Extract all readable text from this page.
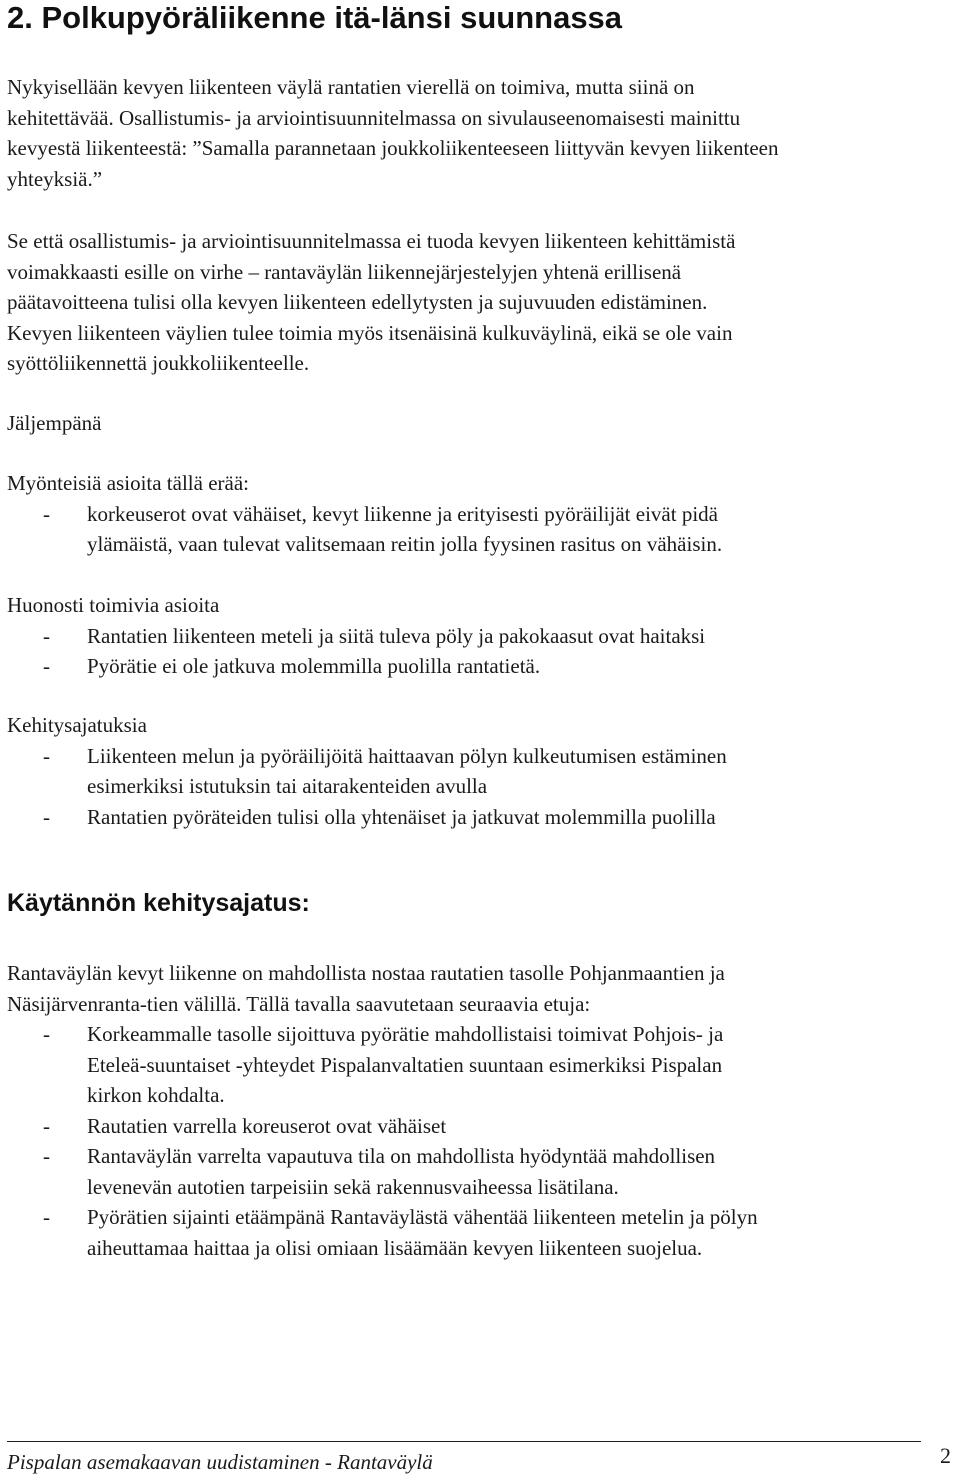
2. Polkupyöräliikenne itä-länsi suunnassa
Nykyisellään kevyen liikenteen väylä rantatien vierellä on toimiva, mutta siinä on
kehitettävää. Osallistumis- ja arviointisuunnitelmassa on sivulauseenomaisesti mainittu
kevyestä liikenteestä: ”Samalla parannetaan joukkoliikenteeseen liittyvän kevyen liikenteen
yhteyksiä.”
Se että osallistumis- ja arviointisuunnitelmassa ei tuoda kevyen liikenteen kehittämistä
voimakkaasti esille on virhe – rantaväylän liikennejärjestelyjen yhtenä erillisenä
päätavoitteena tulisi olla kevyen liikenteen edellytysten ja sujuvuuden edistäminen.
Kevyen liikenteen väylien tulee toimia myös itsenäisinä kulkuväylinä, eikä se ole vain
syöttöliikennettä joukkoliikenteelle.
Jäljempänä
Myönteisiä asioita tällä erää:
- korkeuserot ovat vähäiset, kevyt liikenne ja erityisesti pyöräilijät eivät pidä
ylämäistä, vaan tulevat valitsemaan reitin jolla fyysinen rasitus on vähäisin.
Huonosti toimivia asioita
- Rantatien liikenteen meteli ja siitä tuleva pöly ja pakokaasut ovat haitaksi
- Pyörätie ei ole jatkuva molemmilla puolilla rantatietä.
Kehitysajatuksia
- Liikenteen melun ja pyöräilijöitä haittaavan pölyn kulkeutumisen estäminen
esimerkiksi istutuksin tai aitarakenteiden avulla
- Rantatien pyöräteiden tulisi olla yhtenäiset ja jatkuvat molemmilla puolilla
Käytännön kehitysajatus:
Rantaväylän kevyt liikenne on mahdollista nostaa rautatien tasolle Pohjanmaantien ja
Näsijärvenranta-tien välillä. Tällä tavalla saavutetaan seuraavia etuja:
- Korkeammalle tasolle sijoittuva pyörätie mahdollistaisi toimivat Pohjois- ja
Eteleä-suuntaiset -yhteydet Pispalanvaltatien suuntaan esimerkiksi Pispalan
kirkon kohdalta.
- Rautatien varrella koreuserot ovat vähäiset
- Rantaväylän varrelta vapautuva tila on mahdollista hyödyntää mahdollisen
levenevän autotien tarpeisiin sekä rakennusvaiheessa lisätilana.
- Pyörätien sijainti etäämpänä Rantaväylästä vähentää liikenteen metelin ja pölyn
aiheuttamaa haittaa ja olisi omiaan lisäämään kevyen liikenteen suojelua.
Pispalan asemakaavan uudistaminen - Rantaväylä	2
